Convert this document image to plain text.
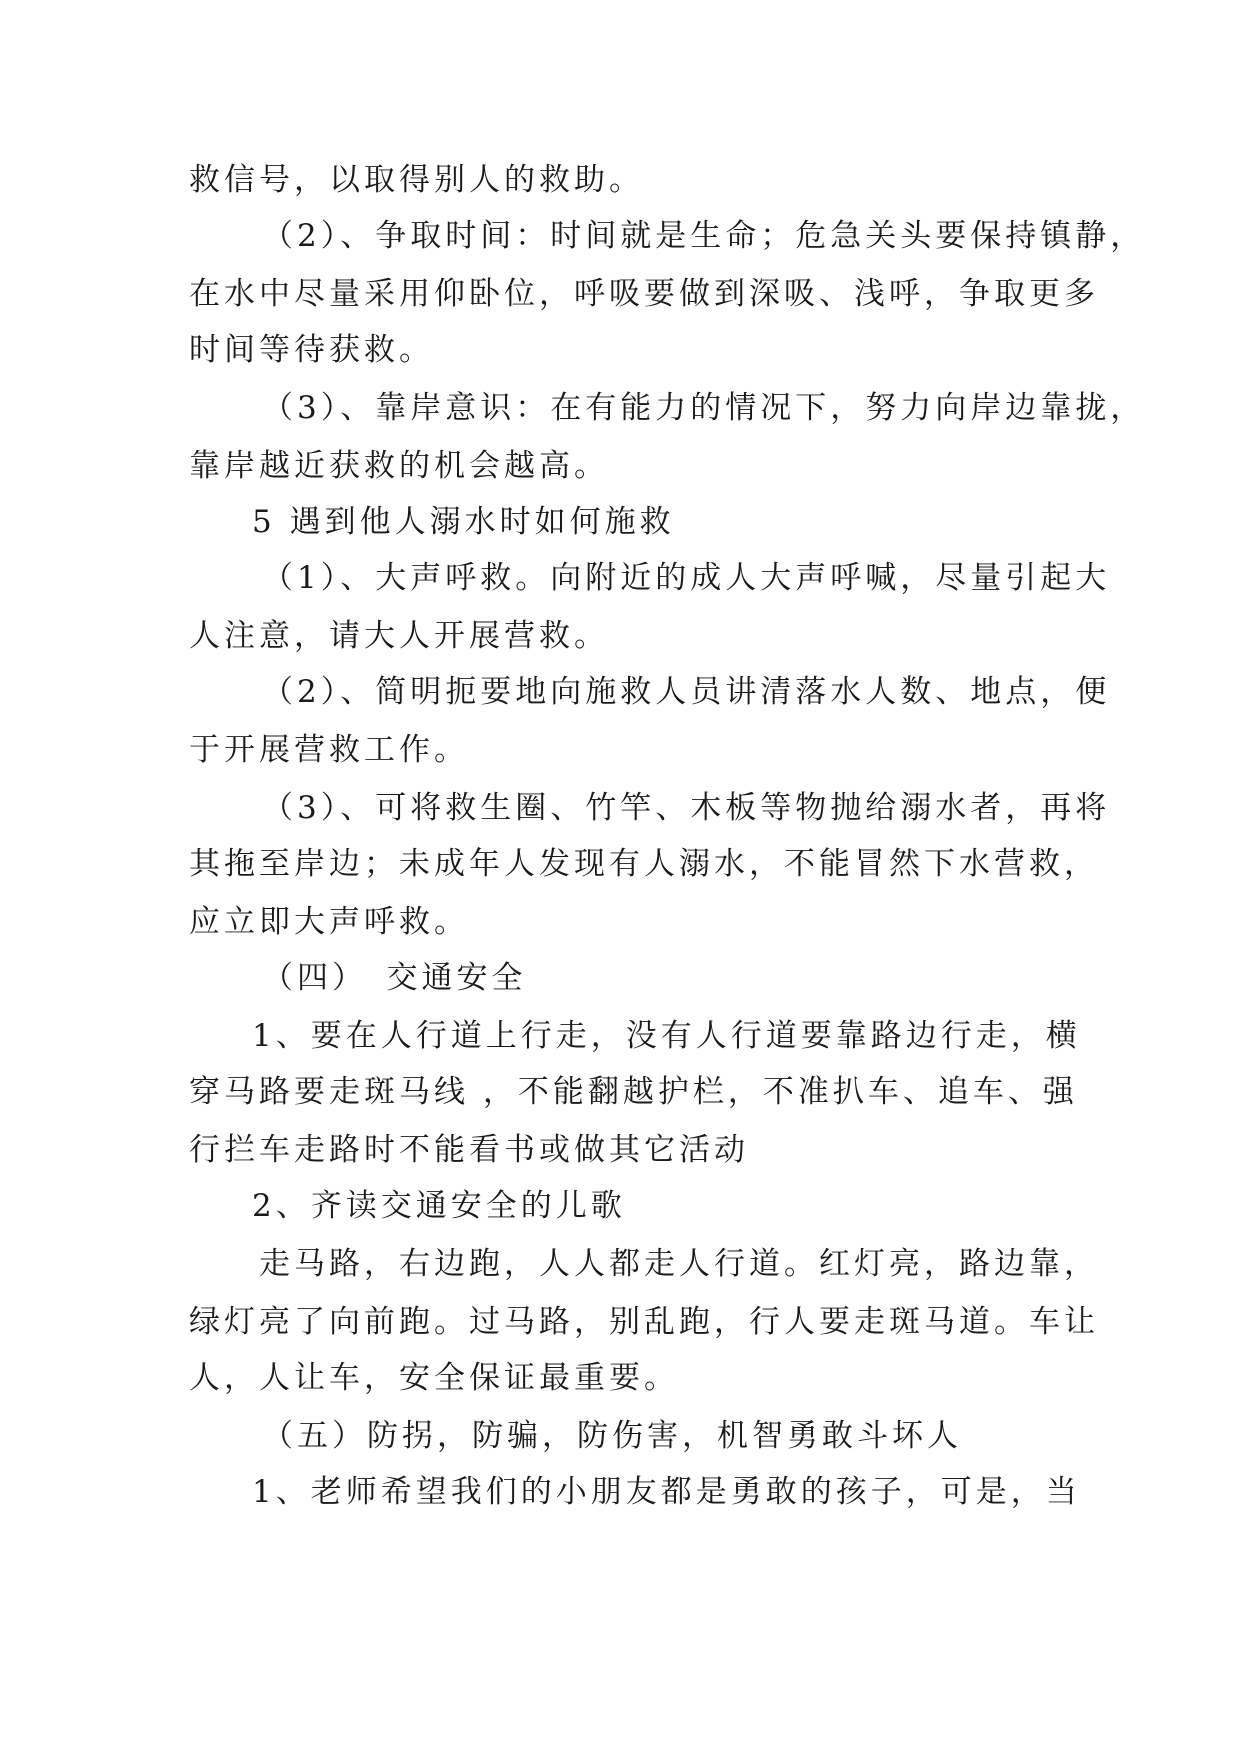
救信号，以取得别人的救助。
（2）、争取时间：时间就是生命；危急关头要保持镇静，
在水中尽量采用仰卧位，呼吸要做到深吸、浅呼，争取更多
时间等待获救。
（3）、靠岸意识：在有能力的情况下，努力向岸边靠拢，
靠岸越近获救的机会越高。
5 遇到他人溺水时如何施救
（1）、大声呼救。向附近的成人大声呼喊，尽量引起大
人注意，请大人开展营救。
（2）、简明扼要地向施救人员讲清落水人数、地点，便
于开展营救工作。
（3）、可将救生圈、竹竿、木板等物抛给溺水者，再将
其拖至岸边；未成年人发现有人溺水，不能冒然下水营救，
应立即大声呼救。
（四）　交通安全
1、要在人行道上行走，没有人行道要靠路边行走，横
穿马路要走斑马线 ，不能翻越护栏，不准扒车、追车、强
行拦车走路时不能看书或做其它活动
2、齐读交通安全的儿歌
走马路，右边跑，人人都走人行道。红灯亮，路边靠，
绿灯亮了向前跑。过马路，别乱跑，行人要走斑马道。车让
人，人让车，安全保证最重要。
（五）防拐，防骗，防伤害，机智勇敢斗坏人
1、老师希望我们的小朋友都是勇敢的孩子，可是，当
